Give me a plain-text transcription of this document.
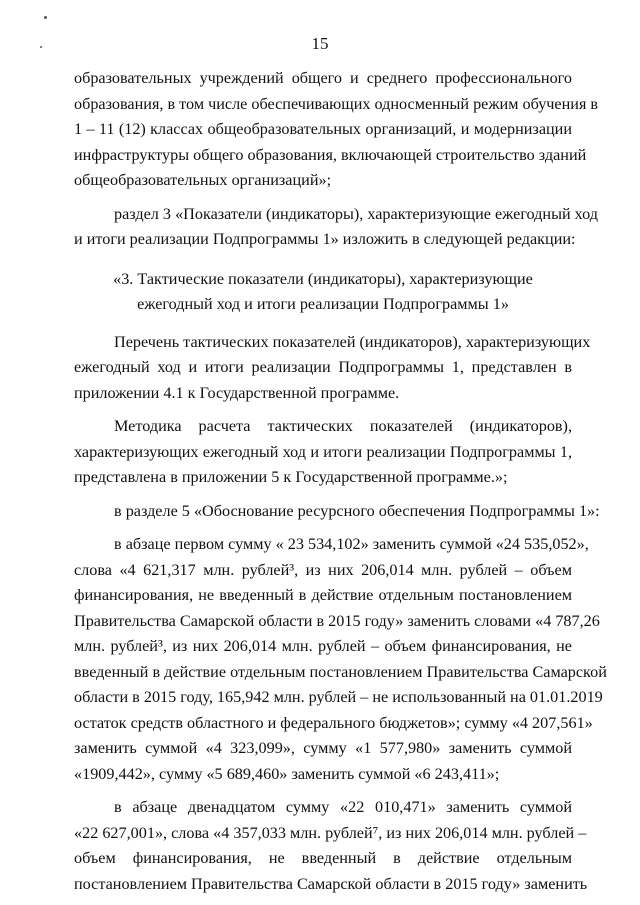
15
образовательных учреждений общего и среднего профессионального
образования, в том числе обеспечивающих односменный режим обучения в
1 – 11 (12) классах общеобразовательных организаций, и модернизации
инфраструктуры общего образования, включающей строительство зданий
общеобразовательных организаций»;
раздел 3 «Показатели (индикаторы), характеризующие ежегодный ход
и итоги реализации Подпрограммы 1» изложить в следующей редакции:
«3. Тактические показатели (индикаторы), характеризующие
ежегодный ход и итоги реализации Подпрограммы 1»
Перечень тактических показателей (индикаторов), характеризующих
ежегодный ход и итоги реализации Подпрограммы 1, представлен в
приложении 4.1 к Государственной программе.
Методика расчета тактических показателей (индикаторов),
характеризующих ежегодный ход и итоги реализации Подпрограммы 1,
представлена в приложении 5 к Государственной программе.»;
в разделе 5 «Обоснование ресурсного обеспечения Подпрограммы 1»:
в абзаце первом сумму « 23 534,102» заменить суммой «24 535,052»,
слова «4 621,317 млн. рублей³, из них 206,014 млн. рублей – объем
финансирования, не введенный в действие отдельным постановлением
Правительства Самарской области в 2015 году» заменить словами «4 787,26
млн. рублей³, из них 206,014 млн. рублей – объем финансирования, не
введенный в действие отдельным постановлением Правительства Самарской
области в 2015 году, 165,942 млн. рублей – не использованный на 01.01.2019
остаток средств областного и федерального бюджетов»; сумму «4 207,561»
заменить суммой «4 323,099», сумму «1 577,980» заменить суммой
«1909,442», сумму «5 689,460» заменить суммой «6 243,411»;
в абзаце двенадцатом сумму «22 010,471» заменить суммой
«22 627,001», слова «4 357,033 млн. рублей⁷, из них 206,014 млн. рублей –
объем финансирования, не введенный в действие отдельным
постановлением Правительства Самарской области в 2015 году» заменить
